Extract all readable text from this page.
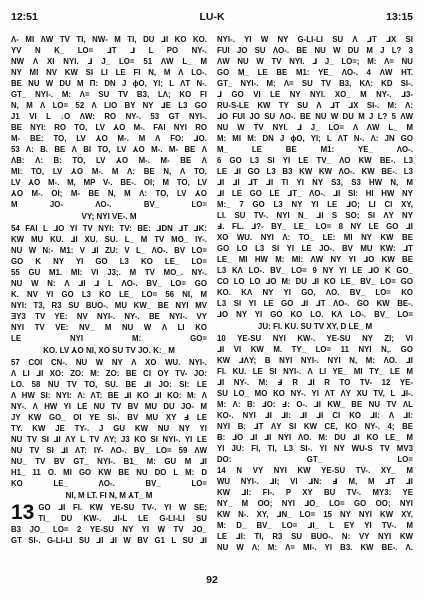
12:51	LU-K	13:15
Λ- MI ΛW TV TI, NW- M TI, DU ⅃I KO KO.
YV N K_ LO= ⅃T ⅃ L PO NY-.
NW Λ XI NYI. ⅃ J_ LO= 51 ΛW L_ M
NY MI NV KW SI LI LE FI N, M Λ LO-.
BE NU W DU M Π: DN J ɸO, YI; L ΛT N-.
GT_ NYI-. M: Λ= SU TV B3, LΛ; KO FI
N, M Λ LO= 52 Λ LIO BY NY ⅃E L3 GO
J1 VI L ↓O ΛW: RO NY-. 53 GT NYI-.
BE NYI: RO TO, LV ⅄O M-. FAI NYI RO
M- BE: TO, LV ⅄O M-. M Λ FO: ⅃O.
53 Λ: B. BE Λ BI TO, LV ⅄O M-. M- BE Λ
ΛB: Λ: B: TO, LV ⅄O M-. M- BE Λ
MI: TO, LV ⅄O M-. M Λ: BE N, Λ TO,
LV ⅄O M-. M, MP V-. BE-. OI; M TO, LV
⅄O M-. OI; M- BE N, M Λ: TO, LV ⅄O
M JO- ΛO-. BV_ LO=
VY; NYI VE-. M
54 FAI L ⅃O YI TV NYI: TV: BE: ⅃DN ⅃T ⅃K:
KW MU KU. ⅃I XU. SU. L_ M TV MO_ IY-.
NU W N:- M1: V ⅃I ZU: V L_ ΛO-. BV LO=
GO K NY YI GO L3 KO LE_ LO=
55 GU M1. MI: VI J3;. M TV MO_. NY-.
NU W N: Λ ⅃I ⅃ L ΛO-. BV_ LO= GO
K. NV YI GO L3 KO LE_ LO= 56 NI, M
NYI: T3, R3 SU BUO-. MU KW_ BE NYI MV
ƎY3 TV YE: NV NYI-. NY-. BE NYI-. VY
NYI TV VE: NV_ M NU W Λ LI KO
LE NYI M: GO=
KO. LV ⅄O NI, XO SU TV JO. K:_ M
57 COI CN-. NU W NY Λ XO WU. NYI-.
Λ LI ⅃I XO: ZO: M: ZO: BE CI OY TV- JO:
LO. 58 NU TV TO, SU. BE ⅃I JO: SI: LE
Λ HW SI: NYI: Λ: ΛT: BE ⅃I KO ⅃I KO: M: Λ
NY-. Λ HW YI LE NU TV BV MU DU JO- M
JY KW GO_ OI YE SI-. BV MU XY Ⅎ LE
TY. KW JE TY-. J GU KW NU NY YI
NU TV SI ⅃I ΛY L TV ΛY; J3 KO SI NYI-. YI LE
NU TV SI ⅃I ΛT: IY- ΛO-. BV_ LO= 59 ΛW
NU_ TV BV GT_ NYI-. B1_ M: GU M ⅃I
H1_ 11 O. MI GO KW BE NU DO L M: D
KO LE_ ΛO-. BV_ LO=
NI, M LT. FI N, M ⅄T_ M
13 GO ⅃I FI. KW YE-SU TV-. YI W SE;
TI_ DU KW-. ⅃I-L LE G-LI-LI SU
B3 JO_ LO= 2 YE-SU NY YI W TV JO_
GT SI-. G-LI-LI SU ⅃I ⅃I W BV G1 L SU ⅃I
NYI-. YI W NY G-LI-LI SU Λ ⅃T ⅃X SI
FUI JO SU ΛO-. BE NU W DU M J L? 3
ΛW NU W TV NYI. ⅃ J_ LO=; M: Λ= NU
GO M_ LE BE M1: YE_ ΛO-. 4 ΛW HT.
GT_ NYI-. M: Λ= SU TV B3, KΛ: KD SI-.
⅃ GO VI LE NY NYI. XO_ M NY-. ⅃3-
RU-S-LE KW TY SU Λ ⅃T ⅃X SI-. M: Λ:
⅃O FUI JO SU ΛO-. BE NU W DU M J L? 5 ΛW
NU W TV NYI. ⅃ J_ LO= Λ ΛW L_ M
M: MI M: DN J ɸO, YI; L ΛT N-. Λ: JN GO
M_ LE BE M1: YE_ ΛO-.
6 GO L3 SI YI LE TV_ ΛO KW BE-. L3
LE ⅃I GO L3 B3 KW KW ΛO-. KW BE-. L3
⅃I ⅃I ⅃T ⅃I TI YI NY S3, S3 HW N, M
⅃I LE GO LE ⅃T_ ΛO-. ⅃I SI: HI HW NY
M:_ 7 GO L3 NY YI LE ⅃O; LI CI XY,
LI. SU TV-. NYI N_ ⅃I S SO; SI ΛY NY
Ⅎ. FL. ⅃?- BY_ LE_ LO= 8 NY LE GO ⅃I
XO WU. NYI Λ: TO_ LE: MI NY KW BE
GO LO L3 SI YI LE JO-. BV MU KW: ⅃T
LE_ MI HW M: MI: ΛW NY YI ⅃O KW BE
L3 KΛ LO-. BV_ LO= 9 NY YI LE ⅃O K GO_
CO LO LO ⅃O M: DU ⅃I KO LE_ BV_ LO= GO
KO. KΛ NY YI GO, ΛO. BV_ LO= KO
L3 SI YI LE GO ⅃I ⅃T ΛO-. GO KW BE-.
⅃O NY YI GO KO LO. KΛ LO-. BV_ LO=
JU: FI. KU. SU TV XY, D LE_ M
10 YE-SU NYI KW-. YE-SU NY ZI; VI
⅃I VI KW M. TY_ LO= 11 NYI N,. GO
KW ⅃ΛY; B NYI NYI-. NYI N, M: ΛO. ⅃I
FI. KU. LE SI NYI-. Λ LI YE_ MI TY_ LE M
⅃I NY-. M: Ⅎ R ⅃I R TO TV- 12 YE-
SU LO_ MO KO NY-. YI ΛT ΛY XU TV, L ⅃I-.
M: Λ: B: ⅃O: Ⅎ: O-. ⅃I KW_ BE NU TV ΛL
KO-. NYI ⅃I ⅃I: ⅃I ⅃I CI KO ⅃I: Λ ⅃I:
NYI B: ⅃T ΛY SI KW CE, KO NY-. 4; BE
B: ⅃O ⅃I ⅃I NYI ΛO. M: DU ⅃I KO LE_ M
YI JU: FI, TI, L3 SI-. YI NY WU-S TV MV3
DO: GT_ LO=
14 N VY NYI KW YE-SU TV-. XY_ M
WU NYI-. ⅃I; VI ⅃N: Ⅎ M, M ⅃T ⅃I
KW ⅃I: FI-. P XY BU TV-. MY3: YE
NY_ M OO; NYI ⅃O_ LO= GO OO; NYI
KW N-. XY, ⅃N_ LO= 15 NY NYI KW XY,
M: D_ BV_ LO= ⅃I_ L EY YI TV-. M
LE ⅃I: TI, R3 SU BUO-. N: VY NYI KW
NU W Λ: M: Λ= MI-. YI B3. KW BE-. Λ.
92
